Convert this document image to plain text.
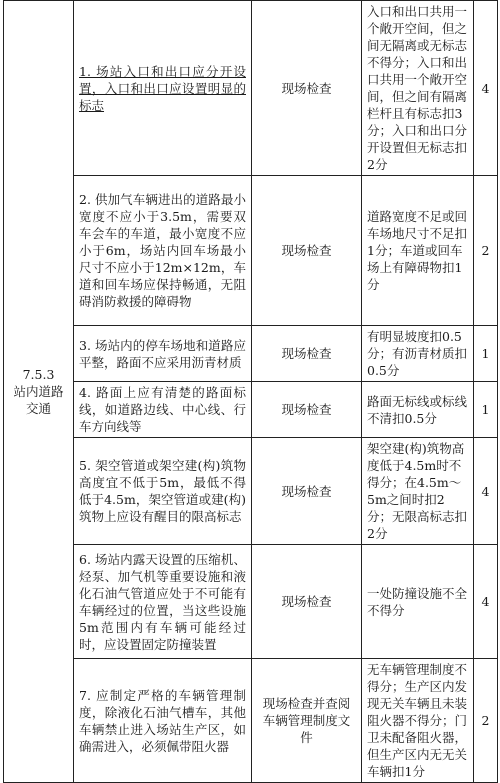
7.5.3
站内道路
交通	1. 场站入口和出口应分开设置，入口和出口应设置明显的标志	现场检查	入口和出口共用一个敞开空间，但之间无隔离或无标志不得分；入口和出口共用一个敞开空间，但之间有隔离栏杆且有标志扣3分；入口和出口分开设置但无标志扣2分	4
	2. 供加气车辆进出的道路最小宽度不应小于3.5m，需要双车会车的车道，最小宽度不应小于6m，场站内回车场最小尺寸不应小于12m×12m，车道和回车场应保持畅通，无阻碍消防救援的障碍物	现场检查	道路宽度不足或回车场地尺寸不足扣1分；车道或回车场上有障碍物扣1分	2
	3. 场站内的停车场地和道路应平整，路面不应采用沥青材质	现场检查	有明显坡度扣0.5分；有沥青材质扣0.5分	1
	4. 路面上应有清楚的路面标线，如道路边线、中心线、行车方向线等	现场检查	路面无标线或标线不清扣0.5分	1
	5. 架空管道或架空建(构)筑物高度宜不低于5m，最低不得低于4.5m，架空管道或建(构)筑物上应设有醒目的限高标志	现场检查	架空建(构)筑物高度低于4.5m时不得分；在4.5m～5m之间时扣2分；无限高标志扣2分	4
	6. 场站内露天设置的压缩机、烃泵、加气机等重要设施和液化石油气管道应处于不可能有车辆经过的位置，当这些设施5m范围内有车辆可能经过时，应设置固定防撞装置	现场检查	一处防撞设施不全不得分	4
	7. 应制定严格的车辆管理制度，除液化石油气槽车，其他车辆禁止进入场站生产区，如确需进入，必须佩带阻火器	现场检查并查阅车辆管理制度文件	无车辆管理制度不得分；生产区内发现无关车辆且未装阻火器不得分；门卫未配备阻火器，但生产区内无无关车辆扣1分	2
